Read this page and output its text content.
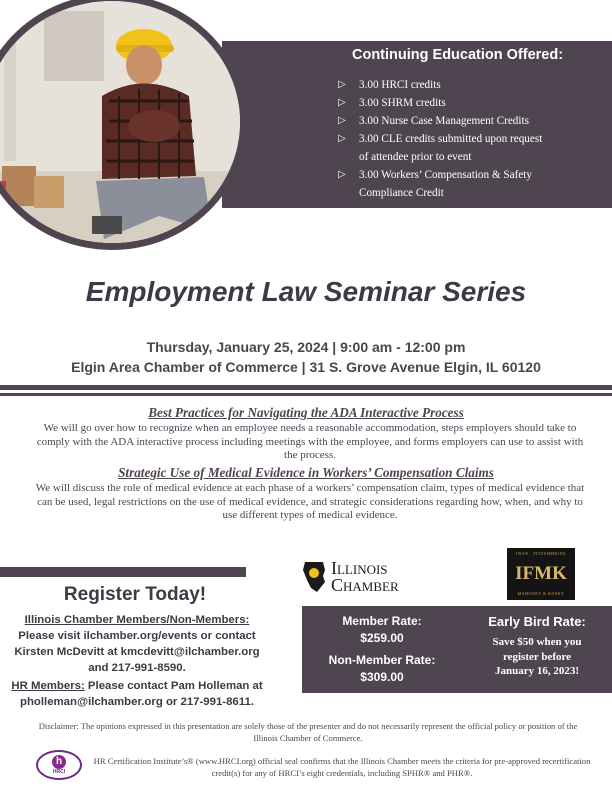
Continuing Education Offered:
▷ 3.00 HRCI credits
▷ 3.00 SHRM credits
▷ 3.00 Nurse Case Management Credits
▷ 3.00 CLE credits submitted upon request
of attendee prior to event
▷ 3.00 Workers’ Compensation & Safety
Compliance Credit
Employment Law Seminar Series
Thursday, January 25, 2024 | 9:00 am - 12:00 pm
Elgin Area Chamber of Commerce | 31 S. Grove Avenue Elgin, IL 60120
Best Practices for Navigating the ADA Interactive Process
We will go over how to recognize when an employee needs a reasonable accommodation, steps employers should take to comply with the ADA interactive process including meetings with the employee, and forms employers can use to assist with the process.
Strategic Use of Medical Evidence in Workers’ Compensation Claims
We will discuss the role of medical evidence at each phase of a workers’ compensation claim, types of medical evidence that can be used, legal restrictions on the use of medical evidence, and strategic considerations regarding how, when, and why to use different types of medical evidence.
Register Today!
Illinois Chamber Members/Non-Members:
Please visit ilchamber.org/events or contact
Kirsten McDevitt at kmcdevitt@ilchamber.org
and 217-991-8590.
HR Members: Please contact Pam Holleman at
pholleman@ilchamber.org or 217-991-8611.
Illinois
Chamber
IWAN · FITZSIMMONS
IFMK
MAHONEY & KOSKY
Member Rate:
$259.00
Non-Member Rate:
$309.00
Early Bird Rate:
Save $50 when you
register before
January 16, 2023!
Disclaimer: The opinions expressed in this presentation are solely those of the presenter and do not necessarily represent the official policy or position of the Illinois Chamber of Commerce.
h
HRCI
HR Certification Institute’s® (www.HRCI.org) official seal confirms that the Illinois Chamber meets the criteria for pre-approved recertification credit(s) for any of HRCI’s eight credentials, including SPHR® and PHR®.
